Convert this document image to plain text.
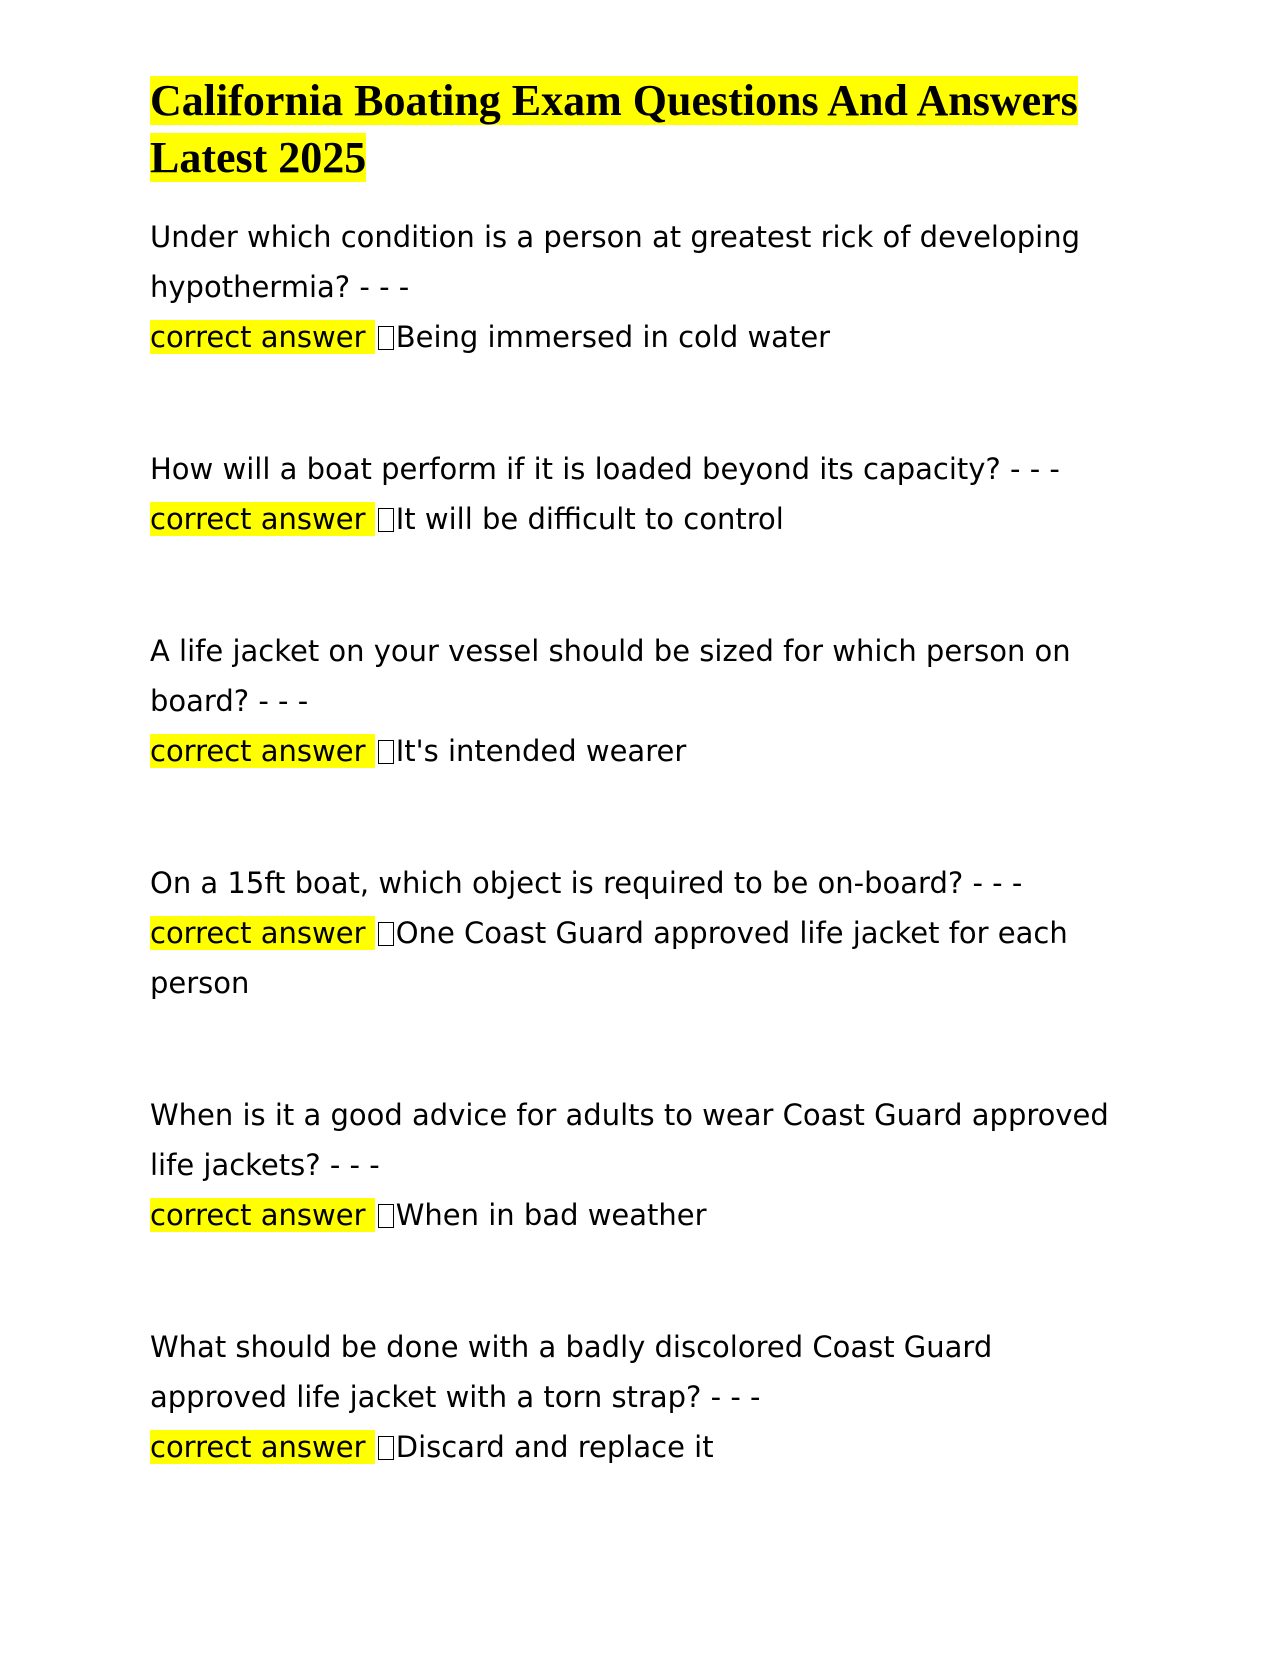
California Boating Exam Questions And Answers Latest 2025
Under which condition is a person at greatest rick of developing hypothermia? - - -
correct answer Being immersed in cold water
How will a boat perform if it is loaded beyond its capacity? - - -
correct answer It will be difficult to control
A life jacket on your vessel should be sized for which person on board? - - -
correct answer It's intended wearer
On a 15ft boat, which object is required to be on-board? - - -
correct answer One Coast Guard approved life jacket for each person
When is it a good advice for adults to wear Coast Guard approved life jackets? - - -
correct answer When in bad weather
What should be done with a badly discolored Coast Guard approved life jacket with a torn strap? - - -
correct answer Discard and replace it
